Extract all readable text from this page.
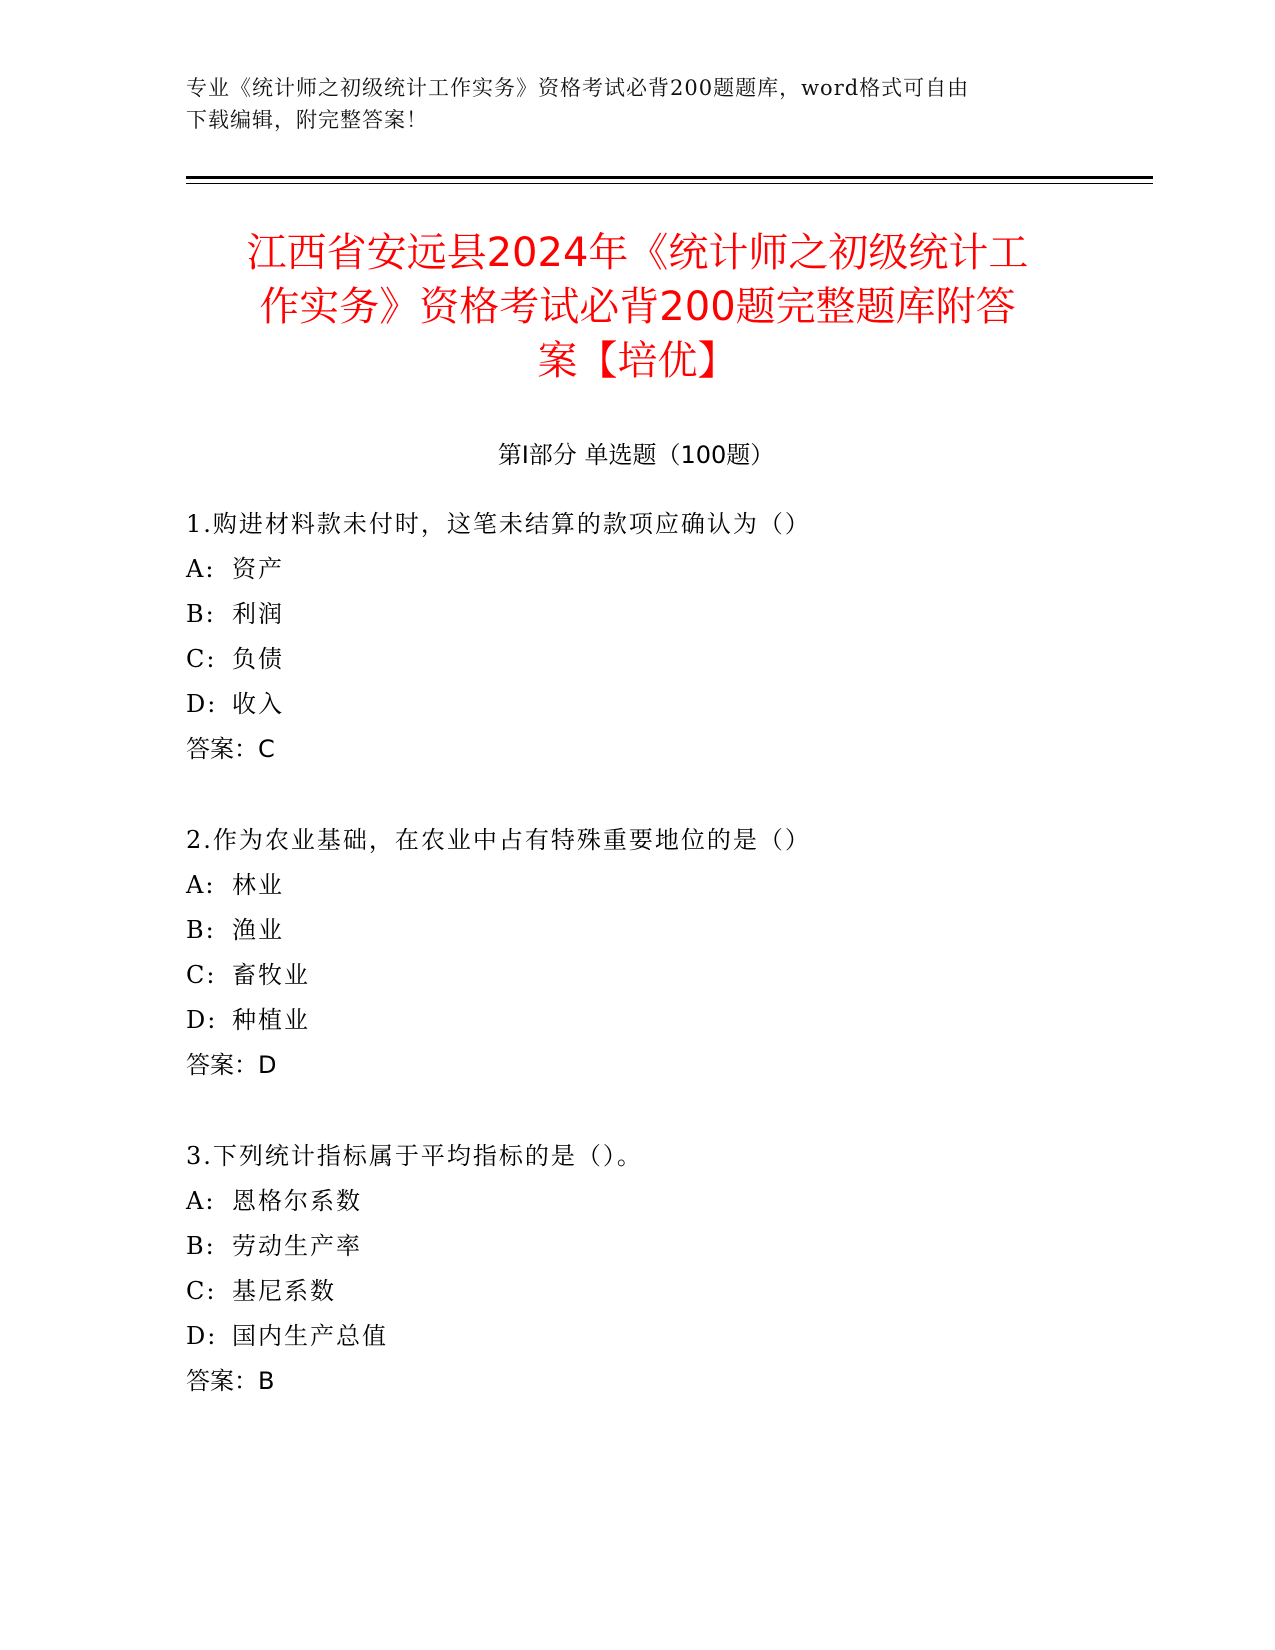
专业《统计师之初级统计工作实务》资格考试必背200题题库，word格式可自由
下载编辑，附完整答案！
江西省安远县2024年《统计师之初级统计工
作实务》资格考试必背200题完整题库附答
案【培优】
第Ⅰ部分 单选题（100题）
1.购进材料款未付时，这笔未结算的款项应确认为（）
A: 资产
B: 利润
C: 负债
D: 收入
答案：C
2.作为农业基础，在农业中占有特殊重要地位的是（）
A: 林业
B: 渔业
C: 畜牧业
D: 种植业
答案：D
3.下列统计指标属于平均指标的是（）。
A: 恩格尔系数
B: 劳动生产率
C: 基尼系数
D: 国内生产总值
答案：B
